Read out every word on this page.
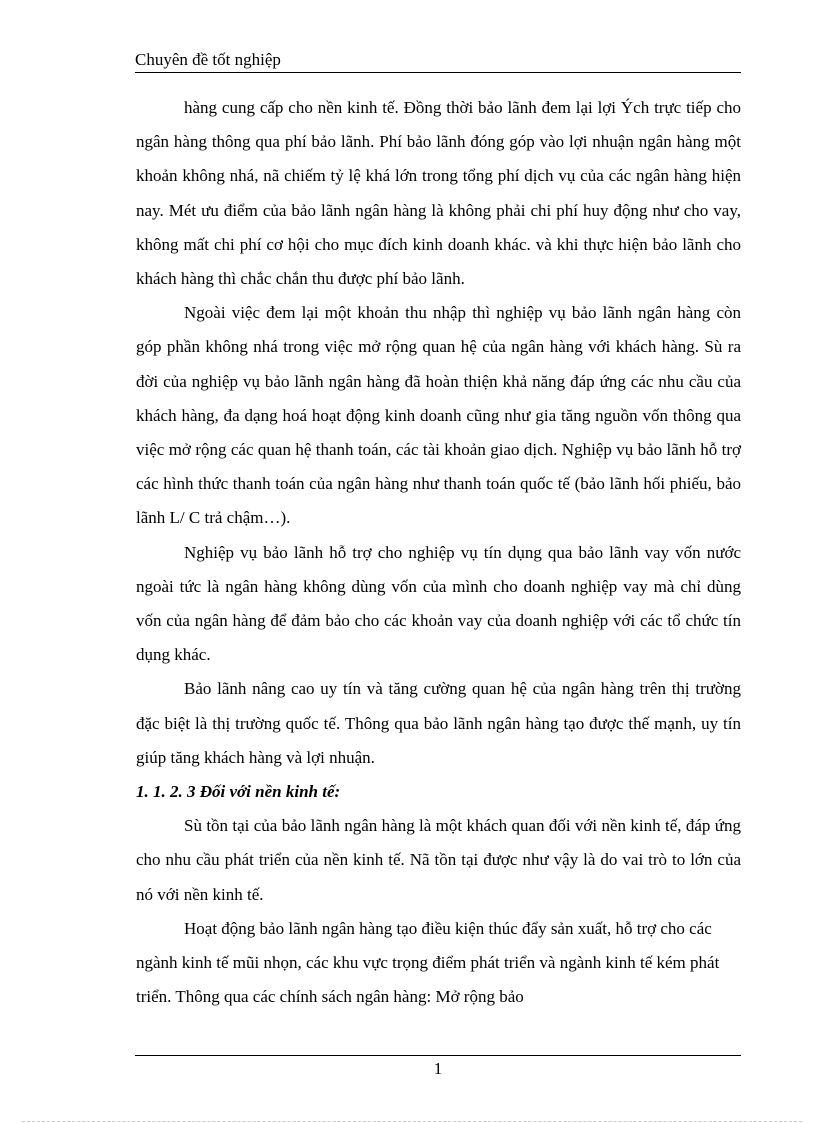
Chuyên đề tốt nghiệp

hàng cung cấp cho nền kinh tế. Đồng thời bảo lãnh đem lại lợi Ých trực tiếp cho ngân hàng thông qua phí bảo lãnh. Phí bảo lãnh đóng góp vào lợi nhuận ngân hàng một khoản không nhá, nã chiếm tỷ lệ khá lớn trong tổng phí dịch vụ của các ngân hàng hiện nay. Mét ưu điểm của bảo lãnh ngân hàng là không phải chi phí huy động như cho vay, không mất chi phí cơ hội cho mục đích kinh doanh khác. và khi thực hiện bảo lãnh cho khách hàng thì chắc chắn thu được phí bảo lãnh.

Ngoài việc đem lại một khoản thu nhập thì nghiệp vụ bảo lãnh ngân hàng còn góp phần không nhá trong việc mở rộng quan hệ của ngân hàng với khách hàng. Sù ra đời của nghiệp vụ bảo lãnh ngân hàng đã hoàn thiện khả năng đáp ứng các nhu cầu của khách hàng, đa dạng hoá hoạt động kinh doanh cũng như gia tăng nguồn vốn thông qua việc mở rộng các quan hệ thanh toán, các tài khoản giao dịch. Nghiệp vụ bảo lãnh hỗ trợ các hình thức thanh toán của ngân hàng như thanh toán quốc tế (bảo lãnh hối phiếu, bảo lãnh L/ C trả chậm…).

Nghiệp vụ bảo lãnh hỗ trợ cho nghiệp vụ tín dụng qua bảo lãnh vay vốn nước ngoài tức là ngân hàng không dùng vốn của mình cho doanh nghiệp vay mà chỉ dùng vốn của ngân hàng để đảm bảo cho các khoản vay của doanh nghiệp với các tổ chức tín dụng khác.

Bảo lãnh nâng cao uy tín và tăng cường quan hệ của ngân hàng trên thị trường đặc biệt là thị trường quốc tế. Thông qua bảo lãnh ngân hàng tạo được thế mạnh, uy tín giúp tăng khách hàng và lợi nhuận.

1. 1. 2. 3 Đối với nền kinh tế:

Sù tồn tại của bảo lãnh ngân hàng là một khách quan đối với nền kinh tế, đáp ứng cho nhu cầu phát triển của nền kinh tế. Nã tồn tại được như vậy là do vai trò to lớn của nó với nền kinh tế.

Hoạt động bảo lãnh ngân hàng tạo điều kiện thúc đẩy sản xuất, hỗ trợ cho các ngành kinh tế mũi nhọn, các khu vực trọng điểm phát triển và ngành kinh tế kém phát triển. Thông qua các chính sách ngân hàng: Mở rộng bảo

1
